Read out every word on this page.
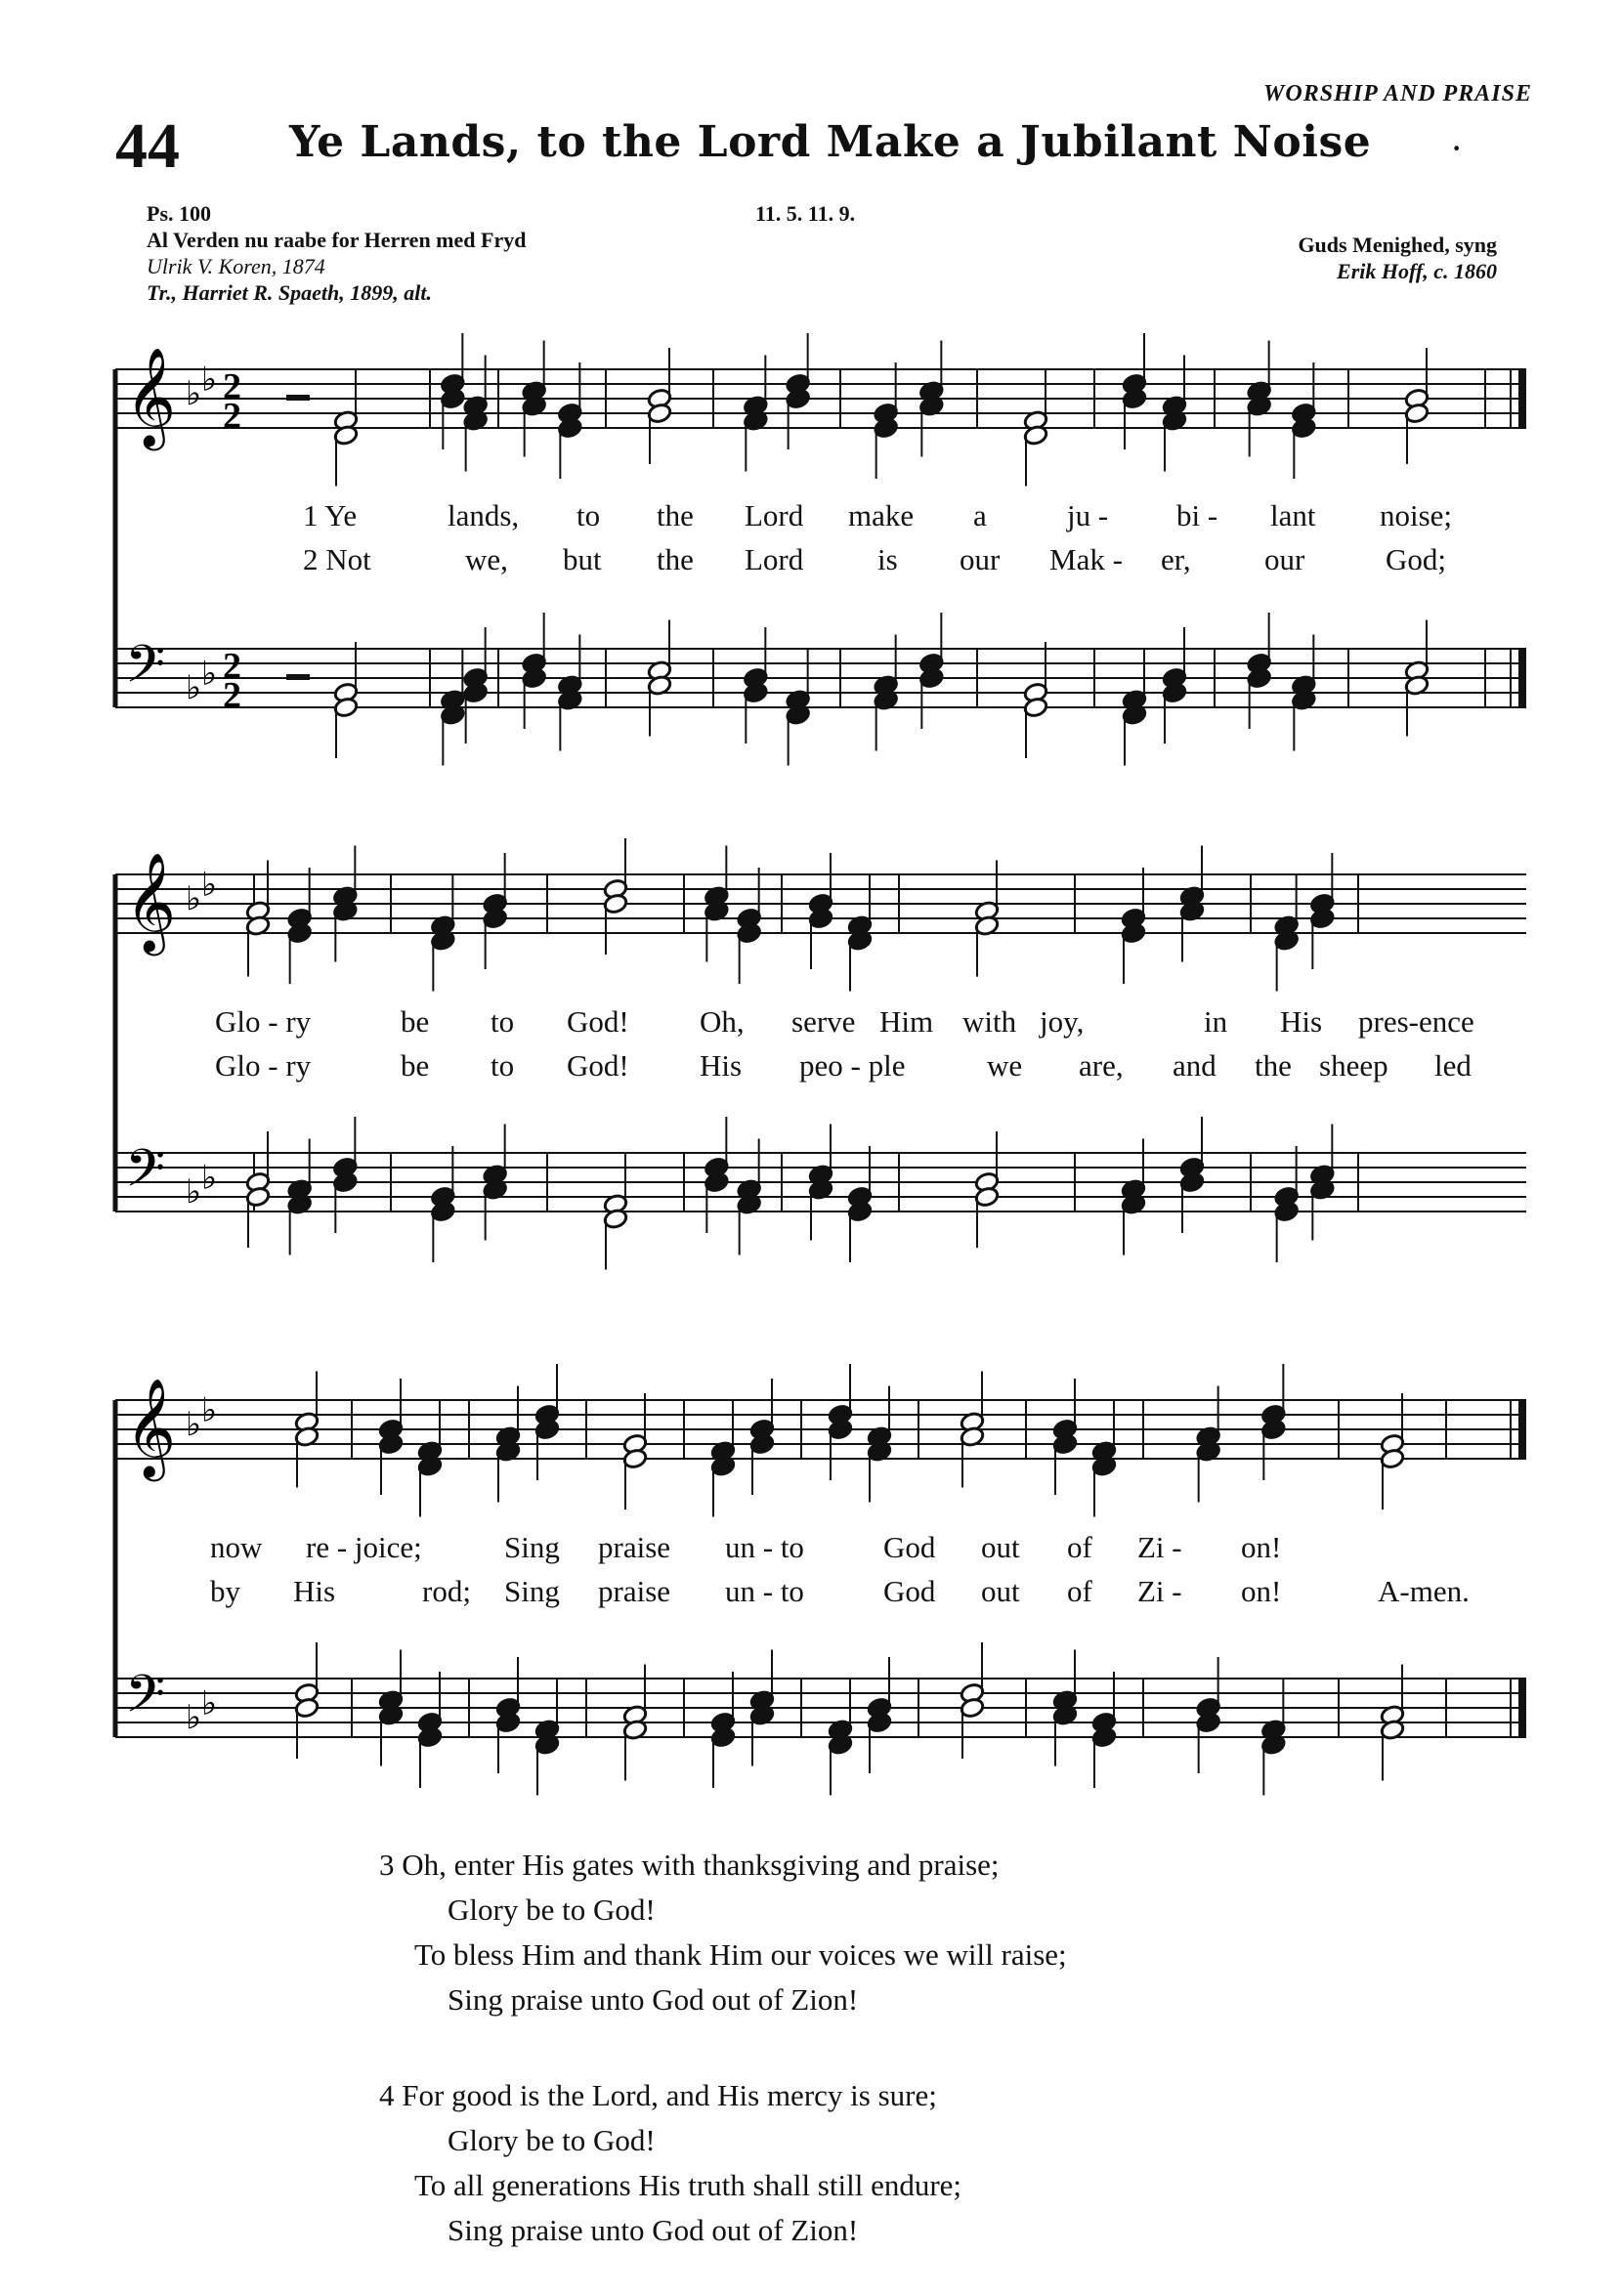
WORSHIP AND PRAISE
44	Ye Lands, to the Lord Make a Jubilant Noise ·
Ps. 100	11. 5. 11. 9.
Al Verden nu raabe for Herren med Fryd
Ulrik V. Koren, 1874
Tr., Harriet R. Spaeth, 1899, alt.
Guds Menighed, syng
Erik Hoff, c. 1860
𝄞 ♭ ♭ 2
2
𝄢 ♭ ♭ 2
2
𝄞 ♭ ♭
𝄢 ♭ ♭
𝄞 ♭ ♭
𝄢 ♭ ♭
1 Ye	lands, to the Lord make a	ju - bi - lant noise;
2 Not	we, but the Lord is our Mak - er, our	God;
Glo - ry	be to God! Oh, serve Him with joy,	in His pres-ence
Glo - ry	be to God! His peo - ple	we are, and the sheep led
now re - joice;	Sing praise un - to	God out of Zi - on!
by His	rod; Sing praise un - to	God out of Zi - on!	A-men.
3 Oh, enter His gates with thanksgiving and praise;
Glory be to God!
To bless Him and thank Him our voices we will raise;
Sing praise unto God out of Zion!
4 For good is the Lord, and His mercy is sure;
Glory be to God!
To all generations His truth shall still endure;
Sing praise unto God out of Zion!
